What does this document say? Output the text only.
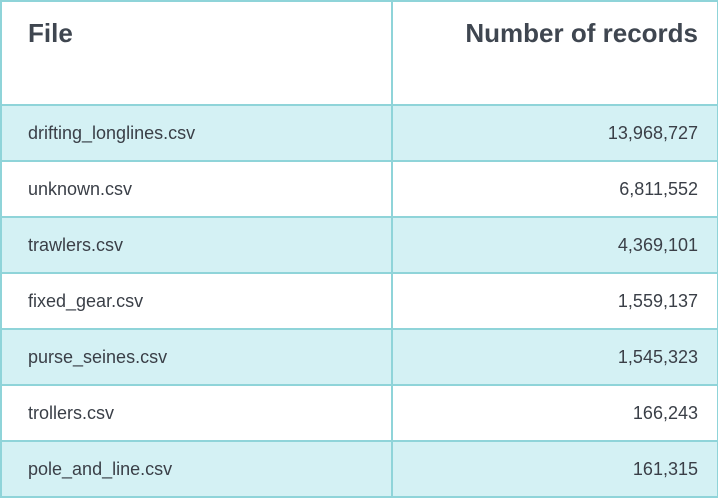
File	Number of records
drifting_longlines.csv	13,968,727
unknown.csv	6,811,552
trawlers.csv	4,369,101
fixed_gear.csv	1,559,137
purse_seines.csv	1,545,323
trollers.csv	166,243
pole_and_line.csv	161,315
